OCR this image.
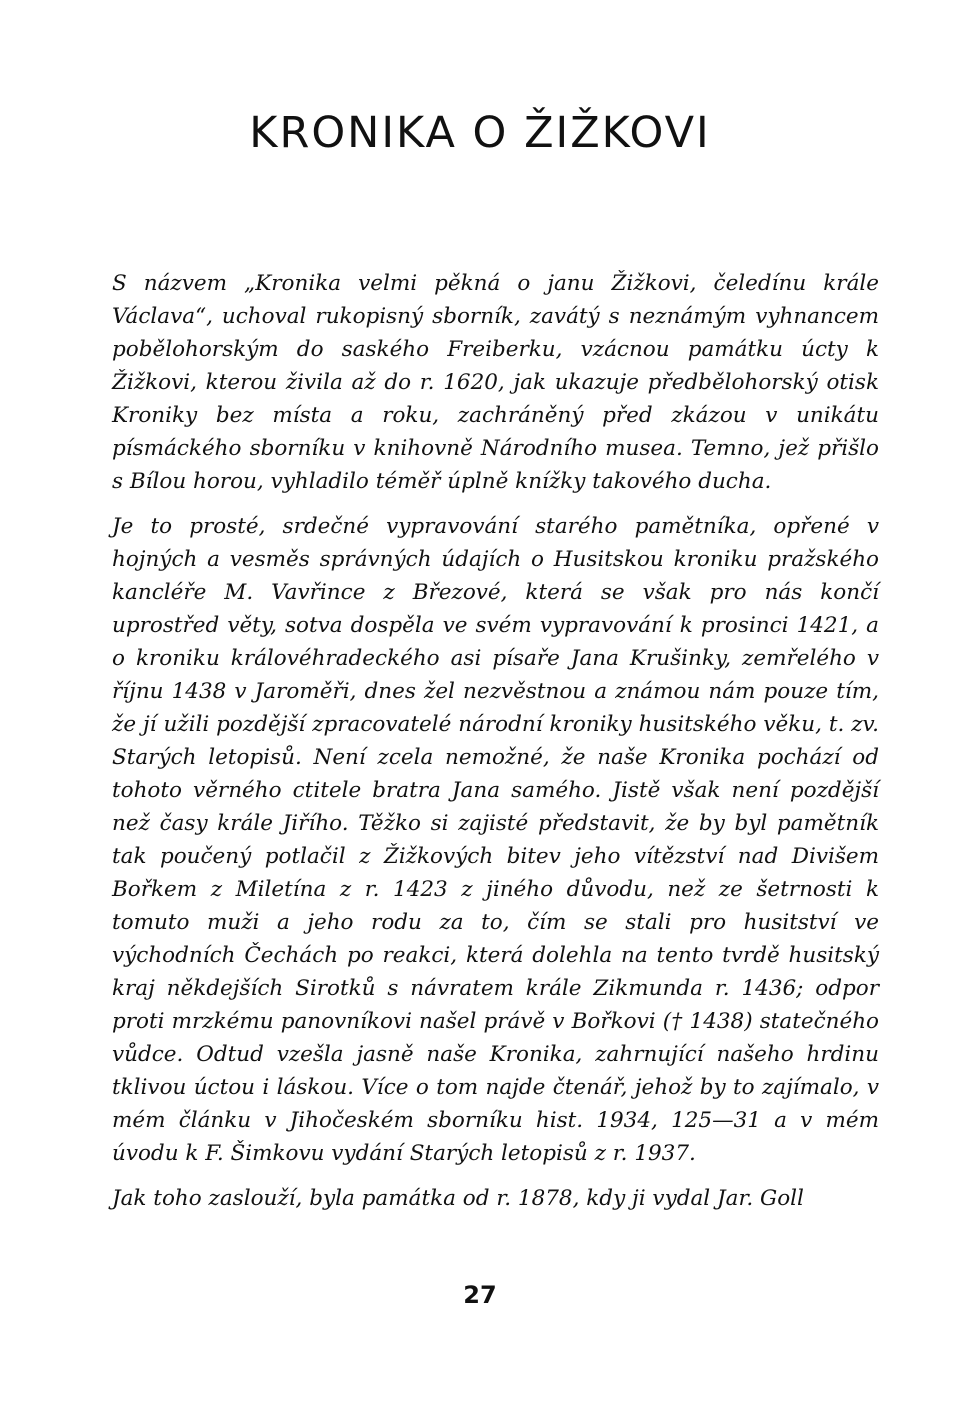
KRONIKA O ŽIŽKOVI

S názvem „Kronika velmi pěkná o janu Žižkovi, čeledínu krále Václava“, uchoval rukopisný sborník, zavátý s neznámým vyhnancem pobělohorským do saského Freiberku, vzácnou památku úcty k Žižkovi, kterou živila až do r. 1620, jak ukazuje předbělohorský otisk Kroniky bez místa a roku, zachráněný před zkázou v unikátu písmáckého sborníku v knihovně Národního musea. Temno, jež přišlo s Bílou horou, vyhladilo téměř úplně knížky takového ducha.

Je to prosté, srdečné vypravování starého pamětníka, opřené v hojných a vesměs správných údajích o Husitskou kroniku pražského kancléře M. Vavřince z Březové, která se však pro nás končí uprostřed věty, sotva dospěla ve svém vypravování k prosinci 1421, a o kroniku královéhradeckého asi písaře Jana Krušinky, zemřelého v říjnu 1438 v Jaroměři, dnes žel nezvěstnou a známou nám pouze tím, že jí užili pozdější zpracovatelé národní kroniky husitského věku, t. zv. Starých letopisů. Není zcela nemožné, že naše Kronika pochází od tohoto věrného ctitele bratra Jana samého. Jistě však není pozdější než časy krále Jiřího. Těžko si zajisté představit, že by byl pamětník tak poučený potlačil z Žižkových bitev jeho vítězství nad Divišem Bořkem z Miletína z r. 1423 z jiného důvodu, než ze šetrnosti k tomuto muži a jeho rodu za to, čím se stali pro husitství ve východních Čechách po reakci, která dolehla na tento tvrdě husitský kraj někdejších Sirotků s návratem krále Zikmunda r. 1436; odpor proti mrzkému panovníkovi našel právě v Bořkovi († 1438) statečného vůdce. Odtud vzešla jasně naše Kronika, zahrnující našeho hrdinu tklivou úctou i láskou. Více o tom najde čtenář, jehož by to zajímalo, v mém článku v Jihočeském sborníku hist. 1934, 125—31 a v mém úvodu k F. Šimkovu vydání Starých letopisů z r. 1937.

Jak toho zaslouží, byla památka od r. 1878, kdy ji vydal Jar. Goll

27
